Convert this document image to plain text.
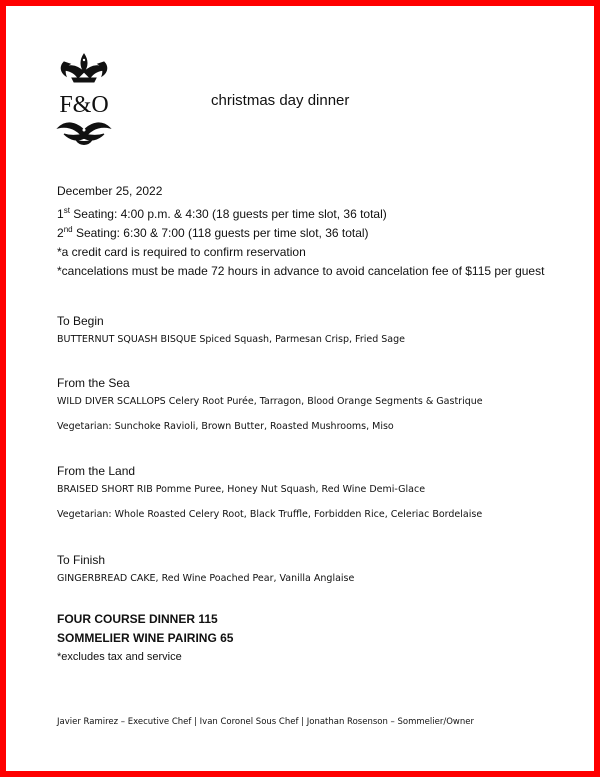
F&O	christmas day dinner
December 25, 2022
1st Seating: 4:00 p.m. & 4:30 (18 guests per time slot, 36 total)
2nd Seating: 6:30 & 7:00 (118 guests per time slot, 36 total)
*a credit card is required to confirm reservation
*cancelations must be made 72 hours in advance to avoid cancelation fee of $115 per guest
To Begin
BUTTERNUT SQUASH BISQUE Spiced Squash, Parmesan Crisp, Fried Sage
From the Sea
WILD DIVER SCALLOPS Celery Root Purée, Tarragon, Blood Orange Segments & Gastrique
Vegetarian: Sunchoke Ravioli, Brown Butter, Roasted Mushrooms, Miso
From the Land
BRAISED SHORT RIB Pomme Puree, Honey Nut Squash, Red Wine Demi-Glace
Vegetarian: Whole Roasted Celery Root, Black Truffle, Forbidden Rice, Celeriac Bordelaise
To Finish
GINGERBREAD CAKE, Red Wine Poached Pear, Vanilla Anglaise
FOUR COURSE DINNER 115
SOMMELIER WINE PAIRING 65
*excludes tax and service
Javier Ramirez – Executive Chef | Ivan Coronel Sous Chef | Jonathan Rosenson – Sommelier/Owner
